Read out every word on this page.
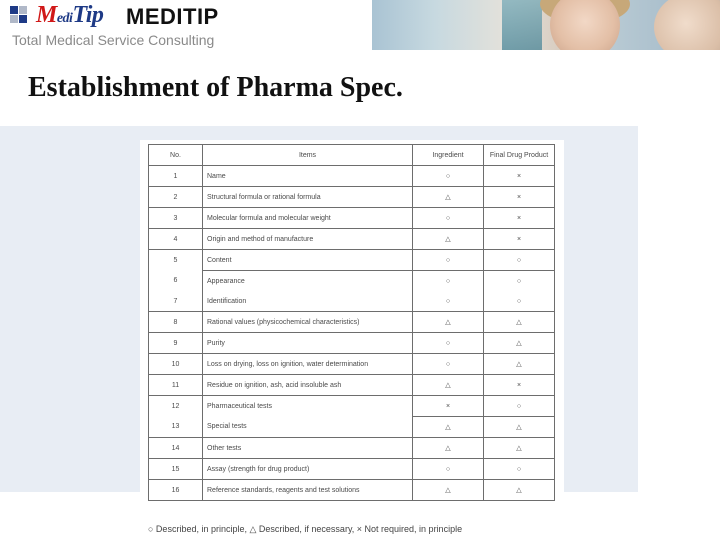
MediTip MEDITIP
Total Medical Service Consulting
Establishment of Pharma Spec.
No.	Items	Ingredient	Final Drug Product
1	Name	○	×
2	Structural formula or rational formula	△	×
3	Molecular formula and molecular weight	○	×
4	Origin and method of manufacture	△	×
5	Content	○	○
6	Appearance	○	○
7	Identification	○	○
8	Rational values (physicochemical characteristics)	△	△
9	Purity	○	△
10	Loss on drying, loss on ignition, water determination	○	△
11	Residue on ignition, ash, acid insoluble ash	△	×
12	Pharmaceutical tests	×	○
13	Special tests	△	△
14	Other tests	△	△
15	Assay (strength for drug product)	○	○
16	Reference standards, reagents and test solutions	△	△
○ Described, in principle, △ Described, if necessary, × Not required, in principle
